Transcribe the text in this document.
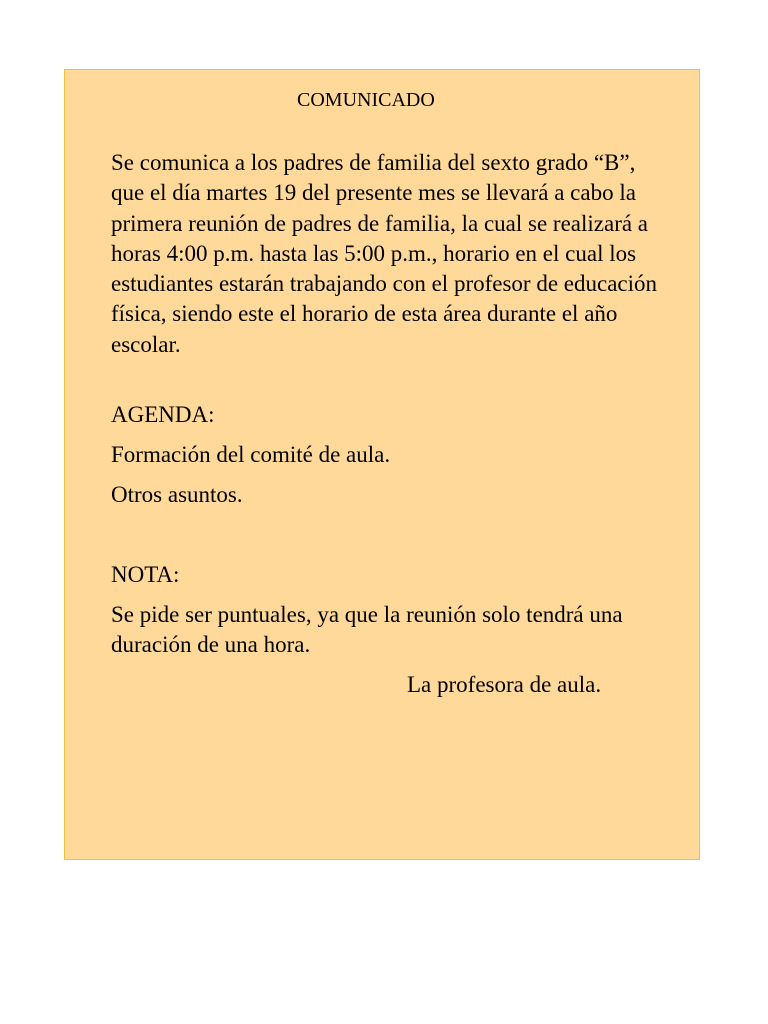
COMUNICADO

Se comunica a los padres de familia del sexto grado “B”, que el día martes 19 del presente mes se llevará a cabo la primera reunión de padres de familia, la cual se realizará a horas 4:00 p.m. hasta las 5:00 p.m., horario en el cual los estudiantes estarán trabajando con el profesor de educación física, siendo este el horario de esta área durante el año escolar.

AGENDA:

Formación del comité de aula.

Otros asuntos.

NOTA:

Se pide ser puntuales, ya que la reunión solo tendrá una duración de una hora.

La profesora de aula.
